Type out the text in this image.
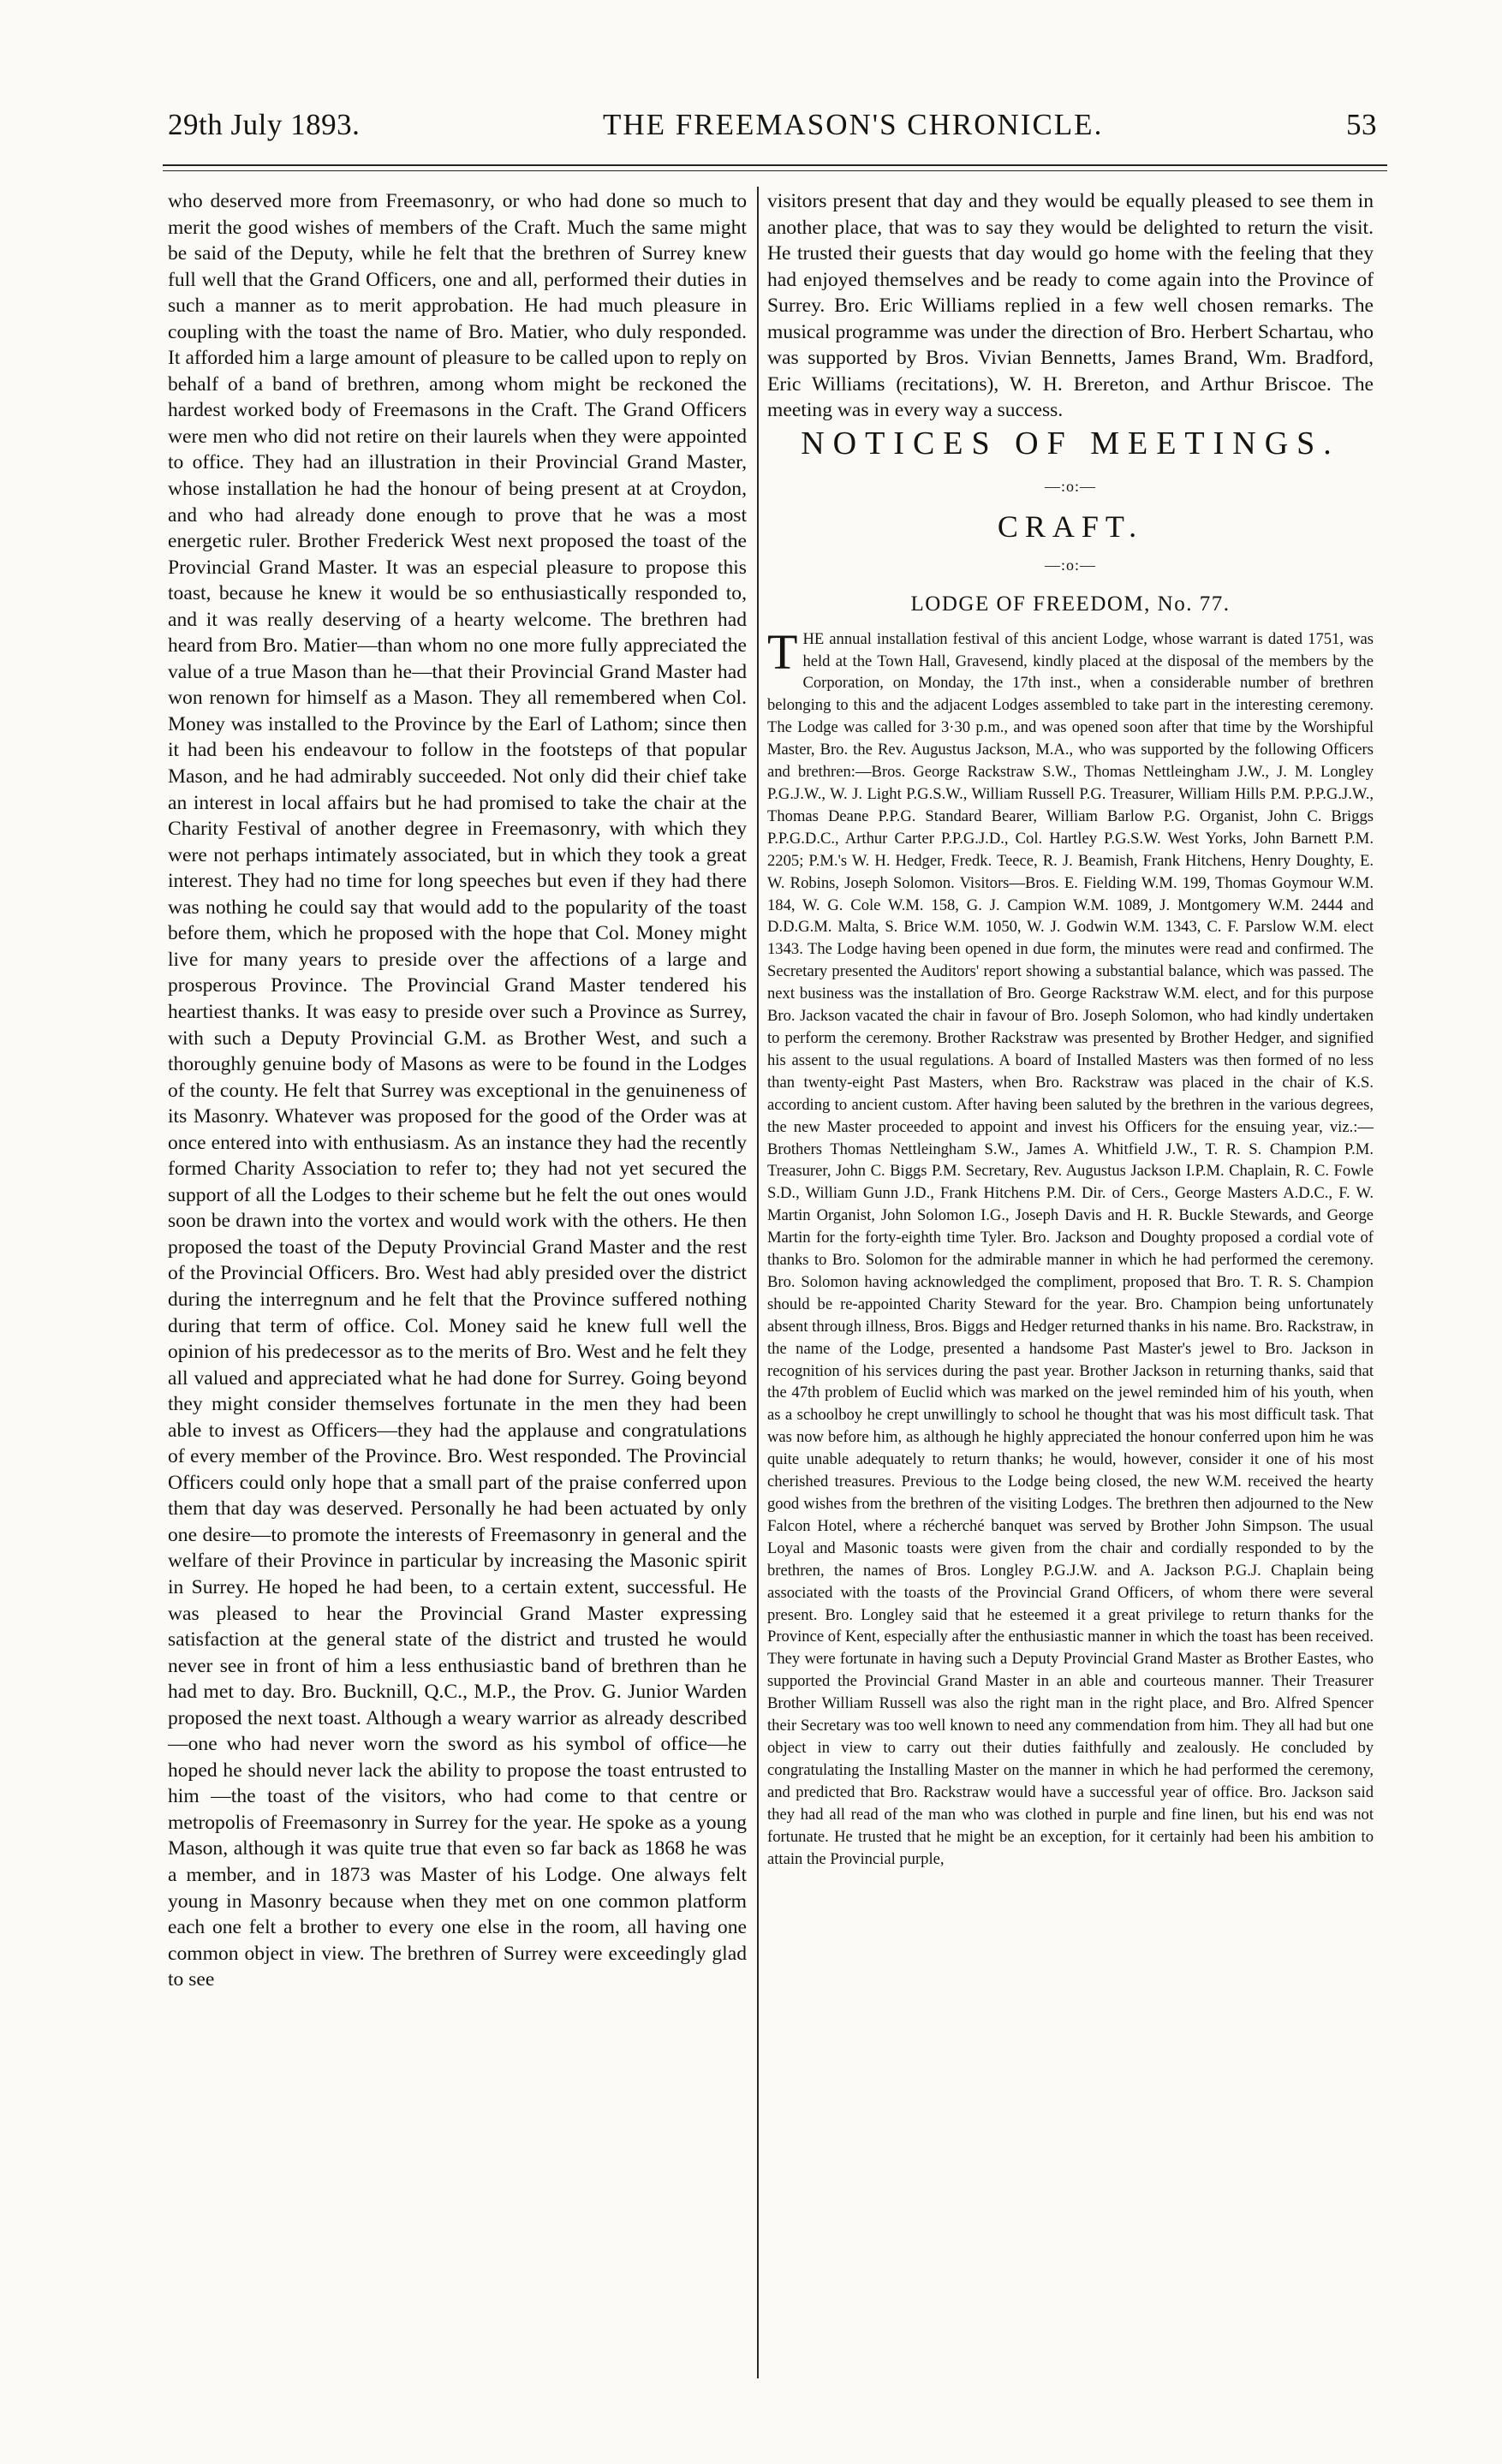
29th July 1893.	THE FREEMASON'S CHRONICLE.	53

who deserved more from Freemasonry, or who had done so much to merit the good wishes of members of the Craft. Much the same might be said of the Deputy, while he felt that the brethren of Surrey knew full well that the Grand Officers, one and all, performed their duties in such a manner as to merit approbation. He had much pleasure in coupling with the toast the name of Bro. Matier, who duly responded. It afforded him a large amount of pleasure to be called upon to reply on behalf of a band of brethren, among whom might be reckoned the hardest worked body of Freemasons in the Craft. The Grand Officers were men who did not retire on their laurels when they were appointed to office. They had an illustration in their Provincial Grand Master, whose installation he had the honour of being present at at Croydon, and who had already done enough to prove that he was a most energetic ruler. Brother Frederick West next proposed the toast of the Provincial Grand Master. It was an especial pleasure to propose this toast, because he knew it would be so enthusiastically responded to, and it was really deserving of a hearty welcome. The brethren had heard from Bro. Matier—than whom no one more fully appreciated the value of a true Mason than he—that their Provincial Grand Master had won renown for himself as a Mason. They all remembered when Col. Money was installed to the Province by the Earl of Lathom; since then it had been his endeavour to follow in the footsteps of that popular Mason, and he had admirably succeeded. Not only did their chief take an interest in local affairs but he had promised to take the chair at the Charity Festival of another degree in Freemasonry, with which they were not perhaps intimately associated, but in which they took a great interest. They had no time for long speeches but even if they had there was nothing he could say that would add to the popularity of the toast before them, which he proposed with the hope that Col. Money might live for many years to preside over the affections of a large and prosperous Province. The Provincial Grand Master tendered his heartiest thanks. It was easy to preside over such a Province as Surrey, with such a Deputy Provincial G.M. as Brother West, and such a thoroughly genuine body of Masons as were to be found in the Lodges of the county. He felt that Surrey was exceptional in the genuineness of its Masonry. Whatever was proposed for the good of the Order was at once entered into with enthusiasm. As an instance they had the recently formed Charity Association to refer to; they had not yet secured the support of all the Lodges to their scheme but he felt the out ones would soon be drawn into the vortex and would work with the others. He then proposed the toast of the Deputy Provincial Grand Master and the rest of the Provincial Officers. Bro. West had ably presided over the district during the interregnum and he felt that the Province suffered nothing during that term of office. Col. Money said he knew full well the opinion of his predecessor as to the merits of Bro. West and he felt they all valued and appreciated what he had done for Surrey. Going beyond they might consider themselves fortunate in the men they had been able to invest as Officers—they had the applause and congratulations of every member of the Province. Bro. West responded. The Provincial Officers could only hope that a small part of the praise conferred upon them that day was deserved. Personally he had been actuated by only one desire—to promote the interests of Freemasonry in general and the welfare of their Province in particular by increasing the Masonic spirit in Surrey. He hoped he had been, to a certain extent, successful. He was pleased to hear the Provincial Grand Master expressing satisfaction at the general state of the district and trusted he would never see in front of him a less enthusiastic band of brethren than he had met to day. Bro. Bucknill, Q.C., M.P., the Prov. G. Junior Warden proposed the next toast. Although a weary warrior as already described—one who had never worn the sword as his symbol of office—he hoped he should never lack the ability to propose the toast entrusted to him —the toast of the visitors, who had come to that centre or metropolis of Freemasonry in Surrey for the year. He spoke as a young Mason, although it was quite true that even so far back as 1868 he was a member, and in 1873 was Master of his Lodge. One always felt young in Masonry because when they met on one common platform each one felt a brother to every one else in the room, all having one common object in view. The brethren of Surrey were exceedingly glad to see

visitors present that day and they would be equally pleased to see them in another place, that was to say they would be delighted to return the visit. He trusted their guests that day would go home with the feeling that they had enjoyed themselves and be ready to come again into the Province of Surrey. Bro. Eric Williams replied in a few well chosen remarks. The musical programme was under the direction of Bro. Herbert Schartau, who was supported by Bros. Vivian Bennetts, James Brand, Wm. Bradford, Eric Williams (recitations), W. H. Brereton, and Arthur Briscoe. The meeting was in every way a success.

NOTICES OF MEETINGS.
—:o:—
CRAFT.
—:o:—
LODGE OF FREEDOM, No. 77.

THE annual installation festival of this ancient Lodge, whose warrant is dated 1751, was held at the Town Hall, Gravesend, kindly placed at the disposal of the members by the Corporation, on Monday, the 17th inst., when a considerable number of brethren belonging to this and the adjacent Lodges assembled to take part in the interesting ceremony. The Lodge was called for 3·30 p.m., and was opened soon after that time by the Worshipful Master, Bro. the Rev. Augustus Jackson, M.A., who was supported by the following Officers and brethren:—Bros. George Rackstraw S.W., Thomas Nettleingham J.W., J. M. Longley P.G.J.W., W. J. Light P.G.S.W., William Russell P.G. Treasurer, William Hills P.M. P.P.G.J.W., Thomas Deane P.P.G. Standard Bearer, William Barlow P.G. Organist, John C. Briggs P.P.G.D.C., Arthur Carter P.P.G.J.D., Col. Hartley P.G.S.W. West Yorks, John Barnett P.M. 2205; P.M.'s W. H. Hedger, Fredk. Teece, R. J. Beamish, Frank Hitchens, Henry Doughty, E. W. Robins, Joseph Solomon. Visitors—Bros. E. Fielding W.M. 199, Thomas Goymour W.M. 184, W. G. Cole W.M. 158, G. J. Campion W.M. 1089, J. Montgomery W.M. 2444 and D.D.G.M. Malta, S. Brice W.M. 1050, W. J. Godwin W.M. 1343, C. F. Parslow W.M. elect 1343. The Lodge having been opened in due form, the minutes were read and confirmed. The Secretary presented the Auditors' report showing a substantial balance, which was passed. The next business was the installation of Bro. George Rackstraw W.M. elect, and for this purpose Bro. Jackson vacated the chair in favour of Bro. Joseph Solomon, who had kindly undertaken to perform the ceremony. Brother Rackstraw was presented by Brother Hedger, and signified his assent to the usual regulations. A board of Installed Masters was then formed of no less than twenty-eight Past Masters, when Bro. Rackstraw was placed in the chair of K.S. according to ancient custom. After having been saluted by the brethren in the various degrees, the new Master proceeded to appoint and invest his Officers for the ensuing year, viz.:—Brothers Thomas Nettleingham S.W., James A. Whitfield J.W., T. R. S. Champion P.M. Treasurer, John C. Biggs P.M. Secretary, Rev. Augustus Jackson I.P.M. Chaplain, R. C. Fowle S.D., William Gunn J.D., Frank Hitchens P.M. Dir. of Cers., George Masters A.D.C., F. W. Martin Organist, John Solomon I.G., Joseph Davis and H. R. Buckle Stewards, and George Martin for the forty-eighth time Tyler. Bro. Jackson and Doughty proposed a cordial vote of thanks to Bro. Solomon for the admirable manner in which he had performed the ceremony. Bro. Solomon having acknowledged the compliment, proposed that Bro. T. R. S. Champion should be re-appointed Charity Steward for the year. Bro. Champion being unfortunately absent through illness, Bros. Biggs and Hedger returned thanks in his name. Bro. Rackstraw, in the name of the Lodge, presented a handsome Past Master's jewel to Bro. Jackson in recognition of his services during the past year. Brother Jackson in returning thanks, said that the 47th problem of Euclid which was marked on the jewel reminded him of his youth, when as a schoolboy he crept unwillingly to school he thought that was his most difficult task. That was now before him, as although he highly appreciated the honour conferred upon him he was quite unable adequately to return thanks; he would, however, consider it one of his most cherished treasures. Previous to the Lodge being closed, the new W.M. received the hearty good wishes from the brethren of the visiting Lodges. The brethren then adjourned to the New Falcon Hotel, where a récherché banquet was served by Brother John Simpson. The usual Loyal and Masonic toasts were given from the chair and cordially responded to by the brethren, the names of Bros. Longley P.G.J.W. and A. Jackson P.G.J. Chaplain being associated with the toasts of the Provincial Grand Officers, of whom there were several present. Bro. Longley said that he esteemed it a great privilege to return thanks for the Province of Kent, especially after the enthusiastic manner in which the toast has been received. They were fortunate in having such a Deputy Provincial Grand Master as Brother Eastes, who supported the Provincial Grand Master in an able and courteous manner. Their Treasurer Brother William Russell was also the right man in the right place, and Bro. Alfred Spencer their Secretary was too well known to need any commendation from him. They all had but one object in view to carry out their duties faithfully and zealously. He concluded by congratulating the Installing Master on the manner in which he had performed the ceremony, and predicted that Bro. Rackstraw would have a successful year of office. Bro. Jackson said they had all read of the man who was clothed in purple and fine linen, but his end was not fortunate. He trusted that he might be an exception, for it certainly had been his ambition to attain the Provincial purple,
